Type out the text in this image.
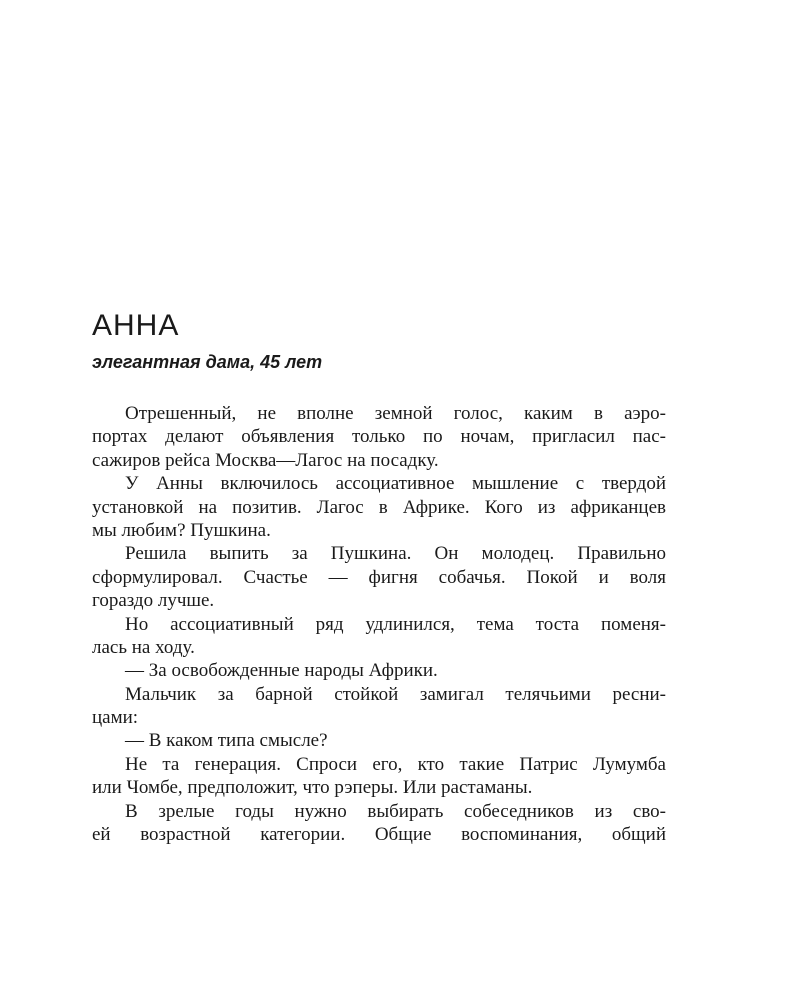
АННА
элегантная дама, 45 лет
Отрешенный, не вполне земной голос, каким в аэро-
портах делают объявления только по ночам, пригласил пас-
сажиров рейса Москва—Лагос на посадку.
У Анны включилось ассоциативное мышление с твердой
установкой на позитив. Лагос в Африке. Кого из африканцев
мы любим? Пушкина.
Решила выпить за Пушкина. Он молодец. Правильно
сформулировал. Счастье — фигня собачья. Покой и воля
гораздо лучше.
Но ассоциативный ряд удлинился, тема тоста поменя-
лась на ходу.
— За освобожденные народы Африки.
Мальчик за барной стойкой замигал телячьими ресни-
цами:
— В каком типа смысле?
Не та генерация. Спроси его, кто такие Патрис Лумумба
или Чомбе, предположит, что рэперы. Или растаманы.
В зрелые годы нужно выбирать собеседников из сво-
ей возрастной категории. Общие воспоминания, общий
